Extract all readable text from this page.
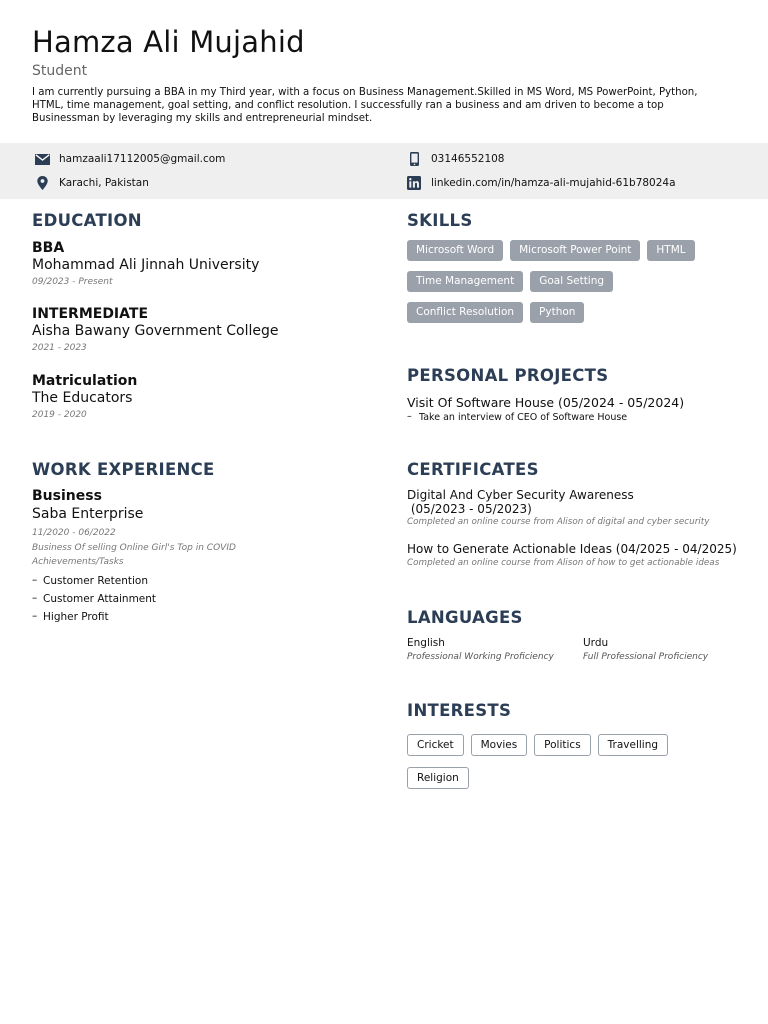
Hamza Ali Mujahid
Student
I am currently pursuing a BBA in my Third year, with a focus on Business Management.Skilled in MS Word, MS PowerPoint, Python, HTML, time management, goal setting, and conflict resolution. I successfully ran a business and am driven to become a top Businessman by leveraging my skills and entrepreneurial mindset.
hamzaali17112005@gmail.com
Karachi, Pakistan
03146552108
linkedin.com/in/hamza-ali-mujahid-61b78024a
EDUCATION
BBA
Mohammad Ali Jinnah University
09/2023 - Present
INTERMEDIATE
Aisha Bawany Government College
2021 - 2023
Matriculation
The Educators
2019 - 2020
WORK EXPERIENCE
Business
Saba Enterprise
11/2020 - 06/2022
Business Of selling Online Girl's Top in COVID
Achievements/Tasks
– Customer Retention
– Customer Attainment
– Higher Profit
SKILLS
Microsoft Word	Microsoft Power Point	HTML
Time Management	Goal Setting
Conflict Resolution	Python
PERSONAL PROJECTS
Visit Of Software House (05/2024 - 05/2024)
– Take an interview of CEO of Software House
CERTIFICATES
Digital And Cyber Security Awareness
(05/2023 - 05/2023)
Completed an online course from Alison of digital and cyber security
How to Generate Actionable Ideas (04/2025 - 04/2025)
Completed an online course from Alison of how to get actionable ideas
LANGUAGES
English
Professional Working Proficiency
Urdu
Full Professional Proficiency
INTERESTS
Cricket	Movies	Politics	Travelling
Religion
